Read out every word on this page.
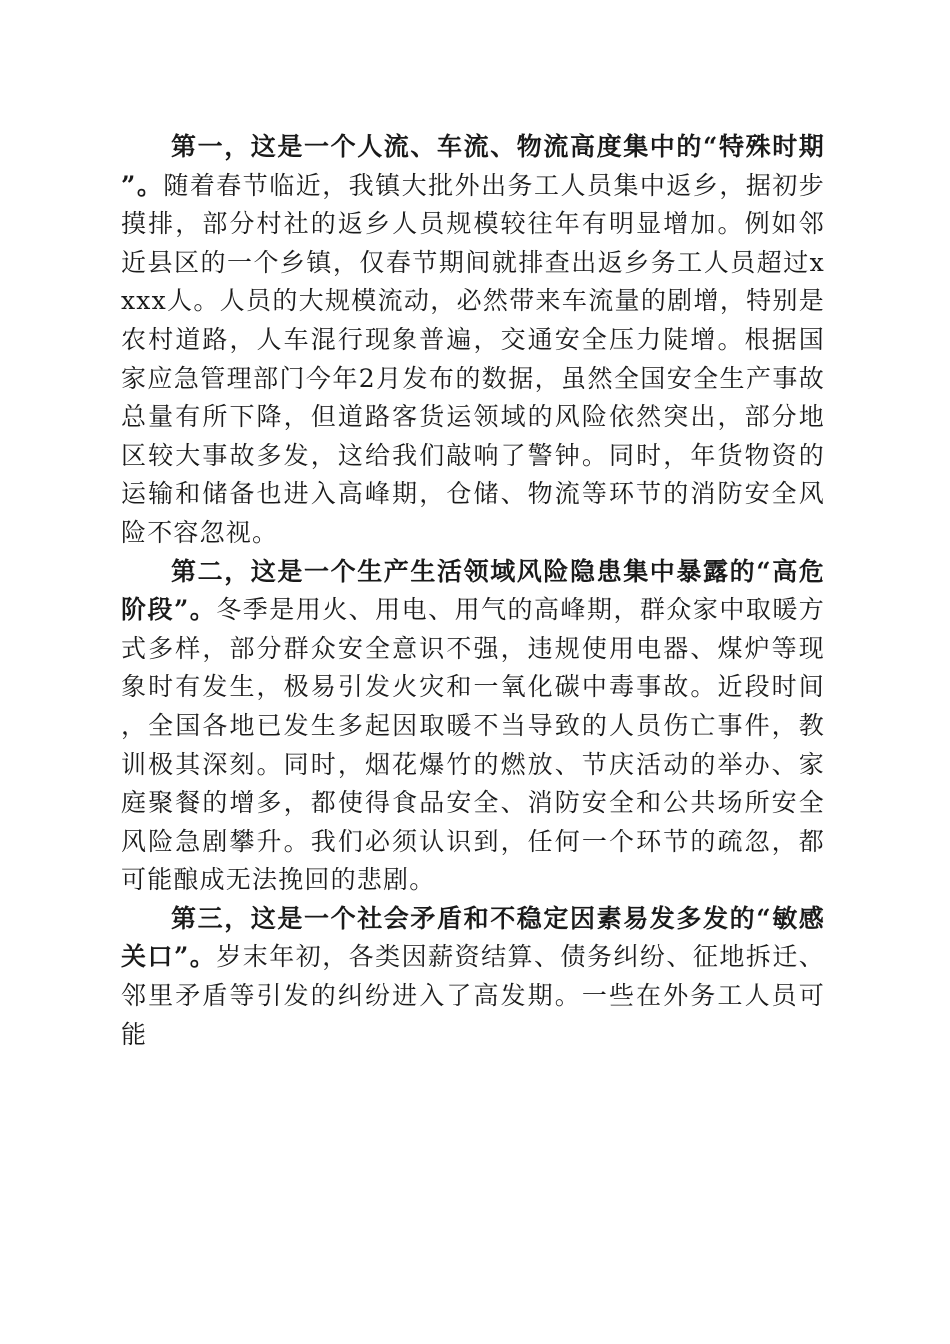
第一，这是一个人流、车流、物流高度集中的“特殊时期”。随着春节临近，我镇大批外出务工人员集中返乡，据初步摸排，部分村社的返乡人员规模较往年有明显增加。例如邻近县区的一个乡镇，仅春节期间就排查出返乡务工人员超过xxxx人。人员的大规模流动，必然带来车流量的剧增，特别是农村道路，人车混行现象普遍，交通安全压力陡增。根据国家应急管理部门今年2月发布的数据，虽然全国安全生产事故总量有所下降，但道路客货运领域的风险依然突出，部分地区较大事故多发，这给我们敲响了警钟。同时，年货物资的运输和储备也进入高峰期，仓储、物流等环节的消防安全风险不容忽视。

第二，这是一个生产生活领域风险隐患集中暴露的“高危阶段”。冬季是用火、用电、用气的高峰期，群众家中取暖方式多样，部分群众安全意识不强，违规使用电器、煤炉等现象时有发生，极易引发火灾和一氧化碳中毒事故。近段时间，全国各地已发生多起因取暖不当导致的人员伤亡事件，教训极其深刻。同时，烟花爆竹的燃放、节庆活动的举办、家庭聚餐的增多，都使得食品安全、消防安全和公共场所安全风险急剧攀升。我们必须认识到，任何一个环节的疏忽，都可能酿成无法挽回的悲剧。

第三，这是一个社会矛盾和不稳定因素易发多发的“敏感关口”。岁末年初，各类因薪资结算、债务纠纷、征地拆迁、邻里矛盾等引发的纠纷进入了高发期。一些在外务工人员可能
